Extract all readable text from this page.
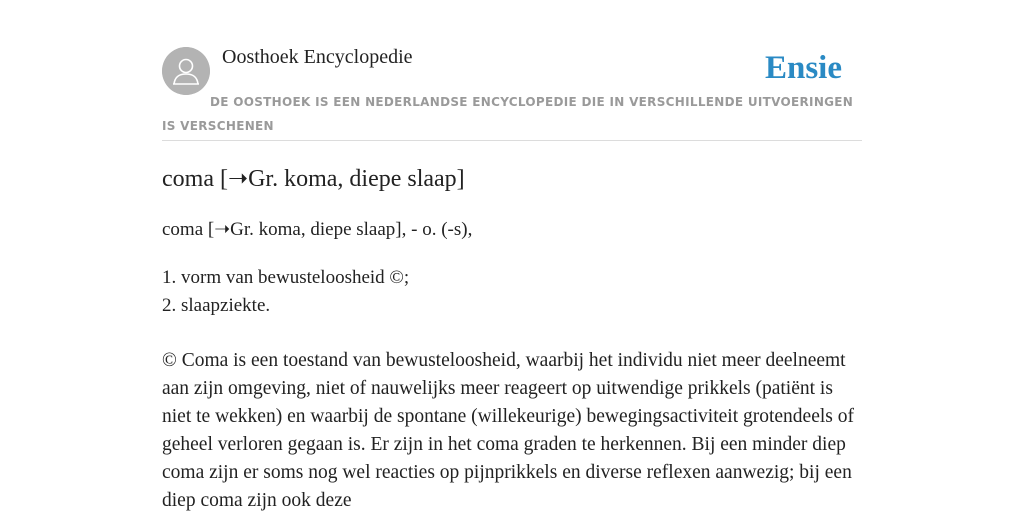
Oosthoek Encyclopedie	Ensie
DE OOSTHOEK IS EEN NEDERLANDSE ENCYCLOPEDIE DIE IN VERSCHILLENDE UITVOERINGEN IS VERSCHENEN
coma [➝Gr. koma, diepe slaap]
coma [➝Gr. koma, diepe slaap], - o. (-s),
1. vorm van bewusteloosheid ©;
2. slaapziekte.
© Coma is een toestand van bewusteloosheid, waarbij het individu niet meer deelneemt aan zijn omgeving, niet of nauwelijks meer reageert op uitwendige prikkels (patiënt is niet te wekken) en waarbij de spontane (willekeurige) bewegingsactiviteit grotendeels of geheel verloren gegaan is. Er zijn in het coma graden te herkennen. Bij een minder diep coma zijn er soms nog wel reacties op pijnprikkels en diverse reflexen aanwezig; bij een diep coma zijn ook deze
